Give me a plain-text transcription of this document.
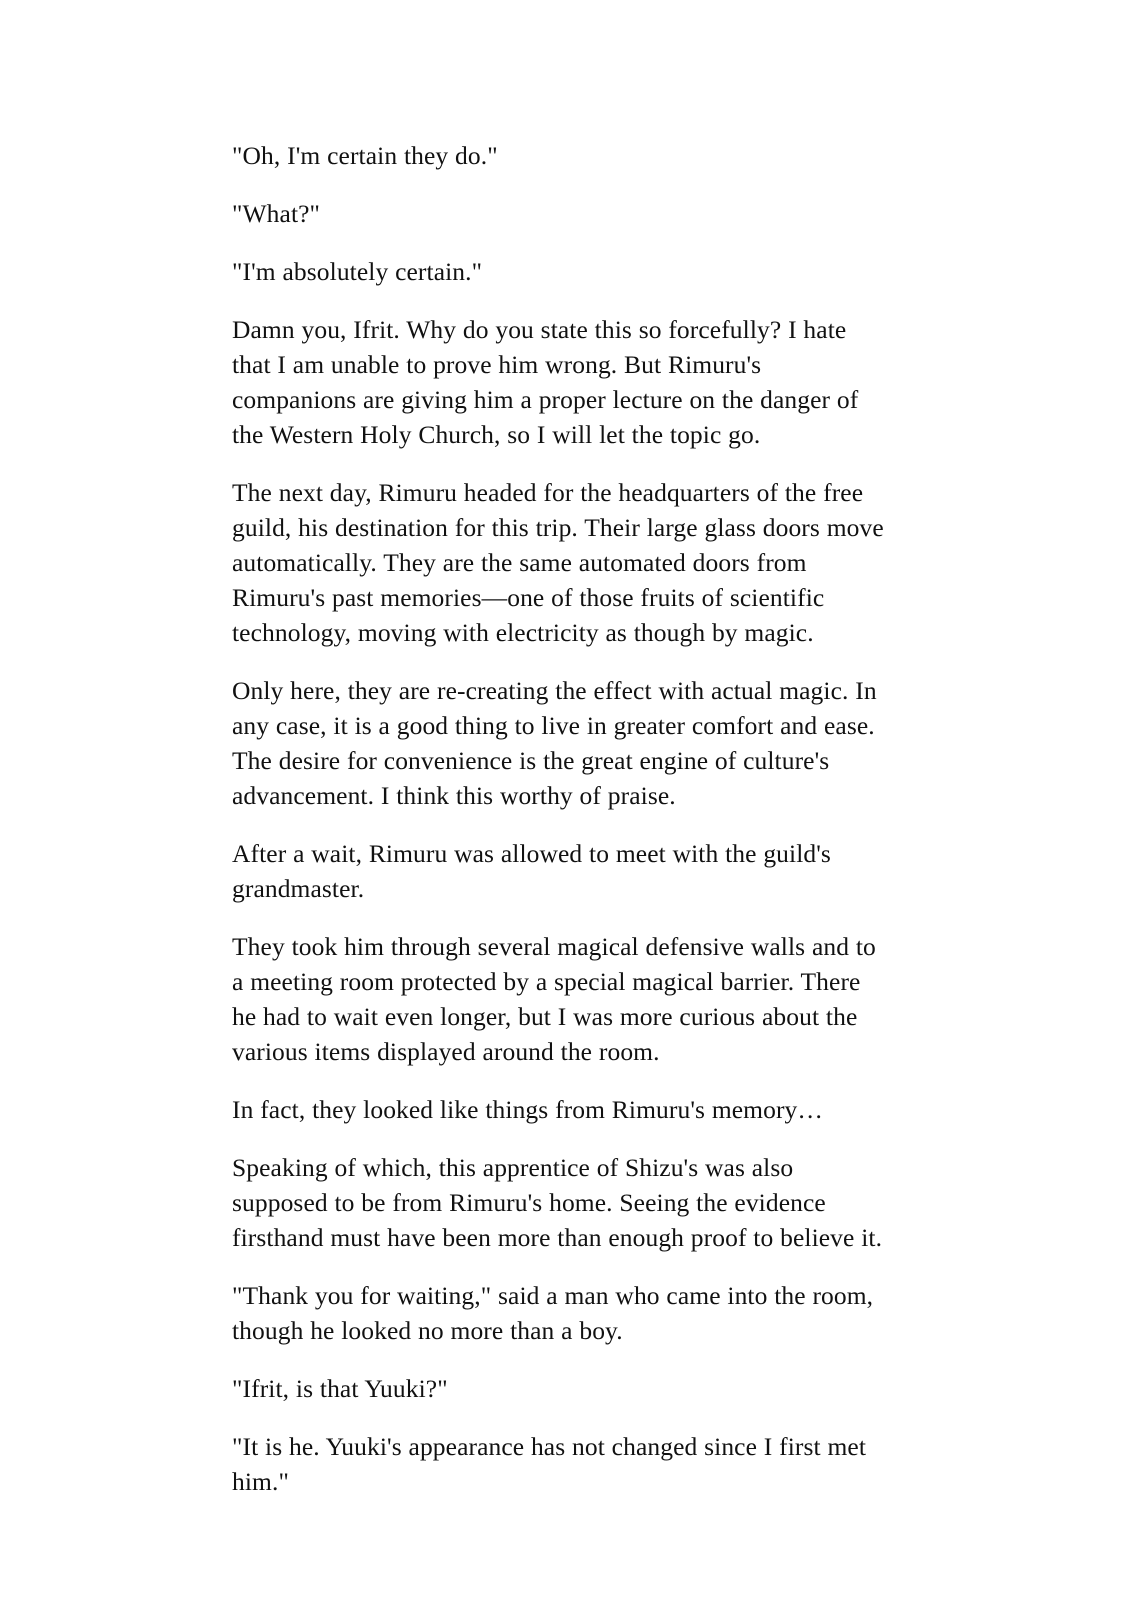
"Oh, I'm certain they do."

"What?"

"I'm absolutely certain."

Damn you, Ifrit. Why do you state this so forcefully? I hate that I am unable to prove him wrong. But Rimuru's companions are giving him a proper lecture on the danger of the Western Holy Church, so I will let the topic go.

The next day, Rimuru headed for the headquarters of the free guild, his destination for this trip. Their large glass doors move automatically. They are the same automated doors from Rimuru's past memories—one of those fruits of scientific technology, moving with electricity as though by magic.

Only here, they are re-creating the effect with actual magic. In any case, it is a good thing to live in greater comfort and ease. The desire for convenience is the great engine of culture's advancement. I think this worthy of praise.

After a wait, Rimuru was allowed to meet with the guild's grandmaster.

They took him through several magical defensive walls and to a meeting room protected by a special magical barrier. There he had to wait even longer, but I was more curious about the various items displayed around the room.

In fact, they looked like things from Rimuru's memory…

Speaking of which, this apprentice of Shizu's was also supposed to be from Rimuru's home. Seeing the evidence firsthand must have been more than enough proof to believe it.

"Thank you for waiting," said a man who came into the room, though he looked no more than a boy.

"Ifrit, is that Yuuki?"

"It is he. Yuuki's appearance has not changed since I first met him."
